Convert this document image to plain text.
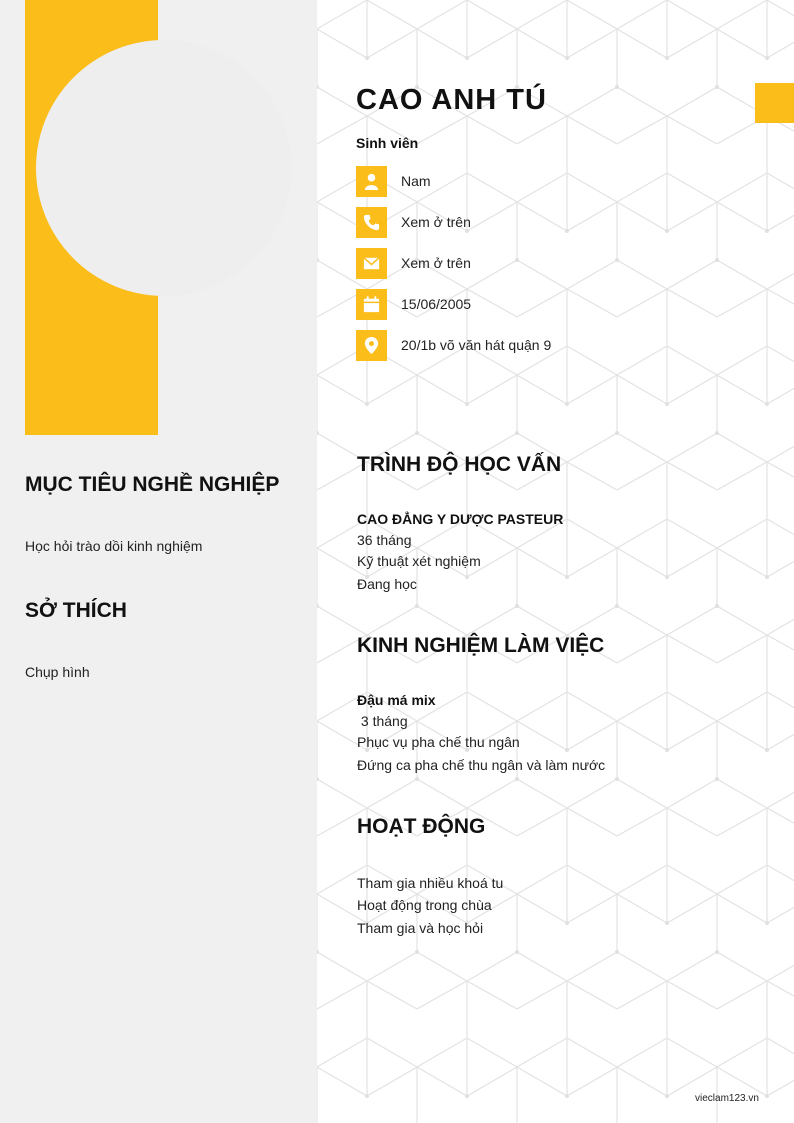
CAO ANH TÚ

Sinh viên

Nam
Xem ở trên
Xem ở trên
15/06/2005
20/1b võ văn hát quận 9
MỤC TIÊU NGHỀ NGHIỆP
Học hỏi trào dồi kinh nghiệm
SỞ THÍCH
Chụp hình
TRÌNH ĐỘ HỌC VẤN
CAO ĐẲNG Y DƯỢC PASTEUR
36 tháng
Kỹ thuật xét nghiệm
Đang học
KINH NGHIỆM LÀM VIỆC
Đậu má mix
3 tháng
Phục vụ pha chế thu ngân
Đứng ca pha chế thu ngân và làm nước
HOẠT ĐỘNG
Tham gia nhiều khoá tu
Hoạt động trong chùa
Tham gia và học hỏi
vieclam123.vn
